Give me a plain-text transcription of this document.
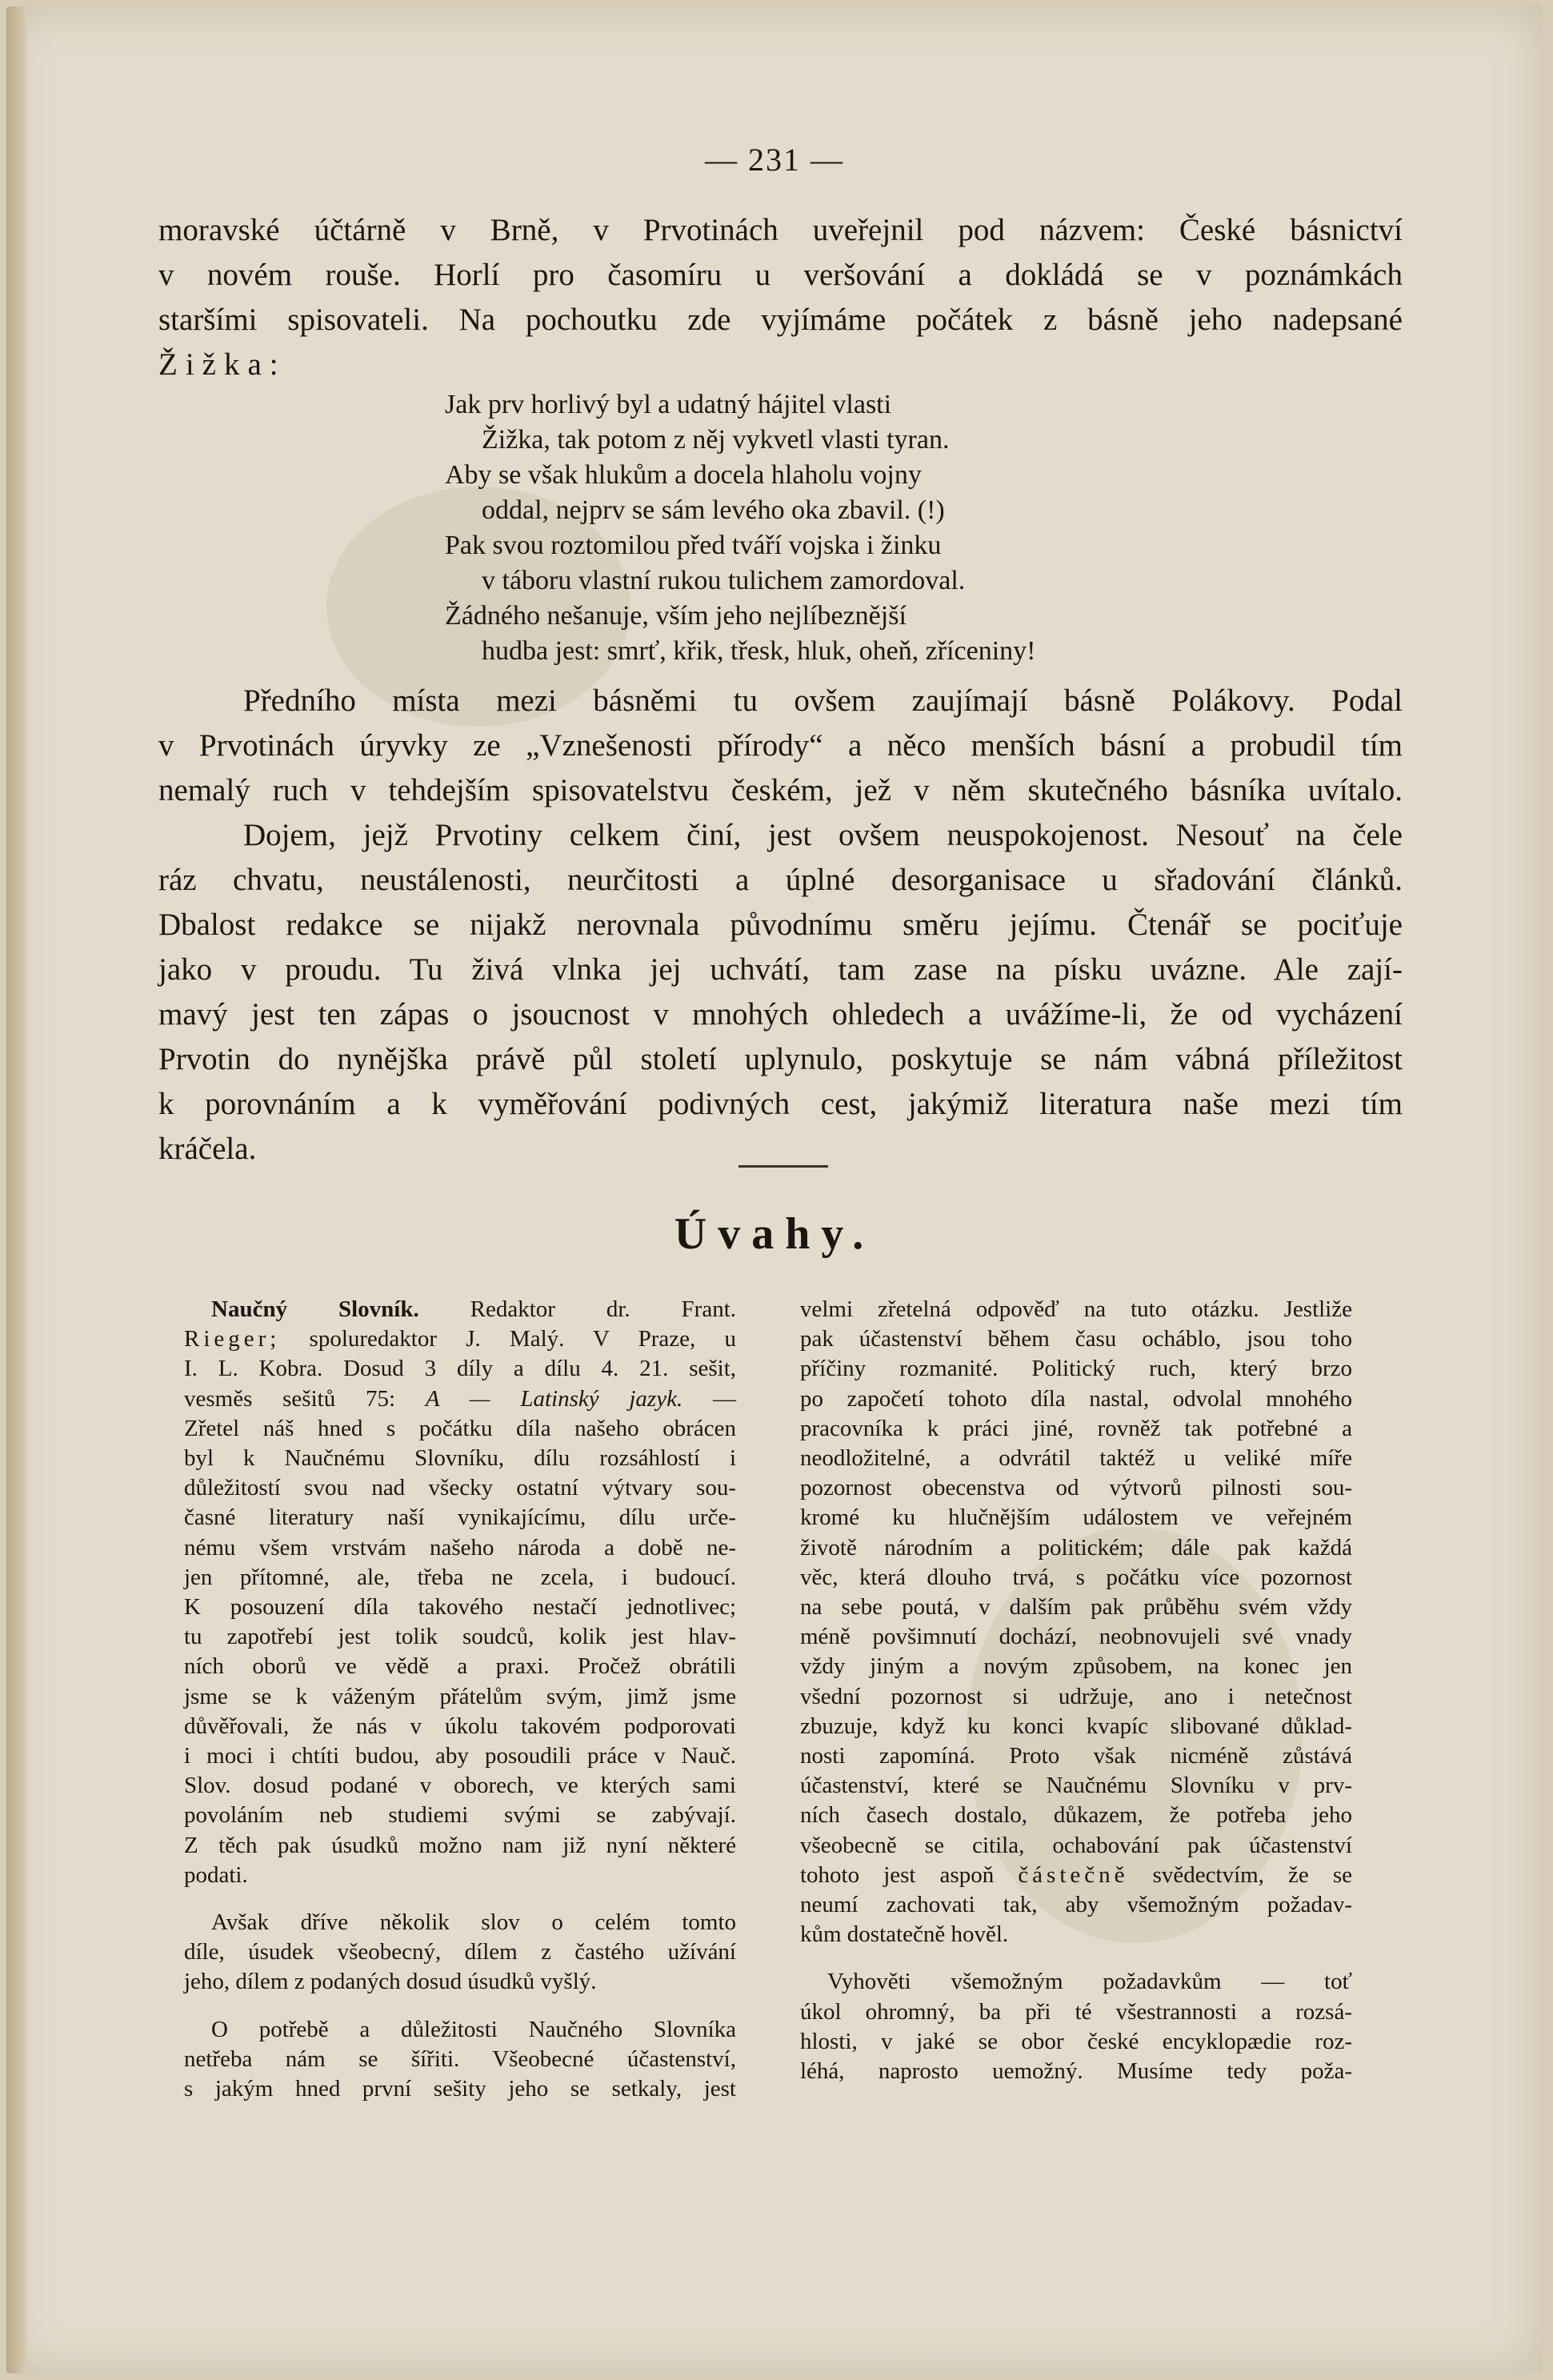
— 231 —

moravské účtárně v Brně, v Prvotinách uveřejnil pod názvem: České básnictví

v novém rouše. Horlí pro časomíru u veršování a dokládá se v poznámkách

staršími spisovateli. Na pochoutku zde vyjímáme počátek z básně jeho nadepsané

Žižka:

Jak prv horlivý byl a udatný hájitel vlasti
Žižka, tak potom z něj vykvetl vlasti tyran.
Aby se však hlukům a docela hlaholu vojny
oddal, nejprv se sám levého oka zbavil. (!)
Pak svou roztomilou před tváří vojska i žinku
v táboru vlastní rukou tulichem zamordoval.
Žádného nešanuje, vším jeho nejlíbeznější
hudba jest: smrť, křik, třesk, hluk, oheň, zříceniny!

Předního místa mezi básněmi tu ovšem zaujímají básně Polákovy. Podal

v Prvotinách úryvky ze „Vznešenosti přírody“ a něco menších básní a probudil tím

nemalý ruch v tehdejším spisovatelstvu českém, jež v něm skutečného básníka uvítalo.

Dojem, jejž Prvotiny celkem činí, jest ovšem neuspokojenost. Nesouť na čele

ráz chvatu, neustálenosti, neurčitosti a úplné desorganisace u sřadování článků.

Dbalost redakce se nijakž nerovnala původnímu směru jejímu. Čtenář se pociťuje

jako v proudu. Tu živá vlnka jej uchvátí, tam zase na písku uvázne. Ale zají-

mavý jest ten zápas o jsoucnost v mnohých ohledech a uvážíme-li, že od vycházení

Prvotin do nynějška právě půl století uplynulo, poskytuje se nám vábná příležitost

k porovnáním a k vyměřování podivných cest, jakýmiž literatura naše mezi tím

kráčela.

Úvahy.

Naučný Slovník. Redaktor dr. Frant.

Rieger; spoluredaktor J. Malý. V Praze, u

I. L. Kobra. Dosud 3 díly a dílu 4. 21. sešit,

vesměs sešitů 75: A — Latinský jazyk. —

Zřetel náš hned s počátku díla našeho obrácen

byl k Naučnému Slovníku, dílu rozsáhlostí i

důležitostí svou nad všecky ostatní výtvary sou-

časné literatury naší vynikajícímu, dílu urče-

nému všem vrstvám našeho národa a době ne-

jen přítomné, ale, třeba ne zcela, i budoucí.

K posouzení díla takového nestačí jednotlivec;

tu zapotřebí jest tolik soudců, kolik jest hlav-

ních oborů ve vědě a praxi. Pročež obrátili

jsme se k váženým přátelům svým, jimž jsme

důvěřovali, že nás v úkolu takovém podporovati

i moci i chtíti budou, aby posoudili práce v Nauč.

Slov. dosud podané v oborech, ve kterých sami

povoláním neb studiemi svými se zabývají.

Z těch pak úsudků možno nam již nyní některé

podati.

Avšak dříve několik slov o celém tomto

díle, úsudek všeobecný, dílem z častého užívání

jeho, dílem z podaných dosud úsudků vyšlý.

O potřebě a důležitosti Naučného Slovníka

netřeba nám se šířiti. Všeobecné účastenství,

s jakým hned první sešity jeho se setkaly, jest

velmi zřetelná odpověď na tuto otázku. Jestliže

pak účastenství během času ocháblo, jsou toho

příčiny rozmanité. Politický ruch, který brzo

po započetí tohoto díla nastal, odvolal mnohého

pracovníka k práci jiné, rovněž tak potřebné a

neodložitelné, a odvrátil taktéž u veliké míře

pozornost obecenstva od výtvorů pilnosti sou-

kromé ku hlučnějším událostem ve veřejném

životě národním a politickém; dále pak každá

věc, která dlouho trvá, s počátku více pozornost

na sebe poutá, v dalším pak průběhu svém vždy

méně povšimnutí dochází, neobnovujeli své vnady

vždy jiným a novým způsobem, na konec jen

všední pozornost si udržuje, ano i netečnost

zbuzuje, když ku konci kvapíc slibované důklad-

nosti zapomíná. Proto však nicméně zůstává

účastenství, které se Naučnému Slovníku v prv-

ních časech dostalo, důkazem, že potřeba jeho

všeobecně se citila, ochabování pak účastenství

tohoto jest aspoň částečně svědectvím, že se

neumí zachovati tak, aby všemožným požadav-

kům dostatečně hověl.

Vyhověti všemožným požadavkům — toť

úkol ohromný, ba při té všestrannosti a rozsá-

hlosti, v jaké se obor české encyklopædie roz-

léhá, naprosto uemožný. Musíme tedy poža-
